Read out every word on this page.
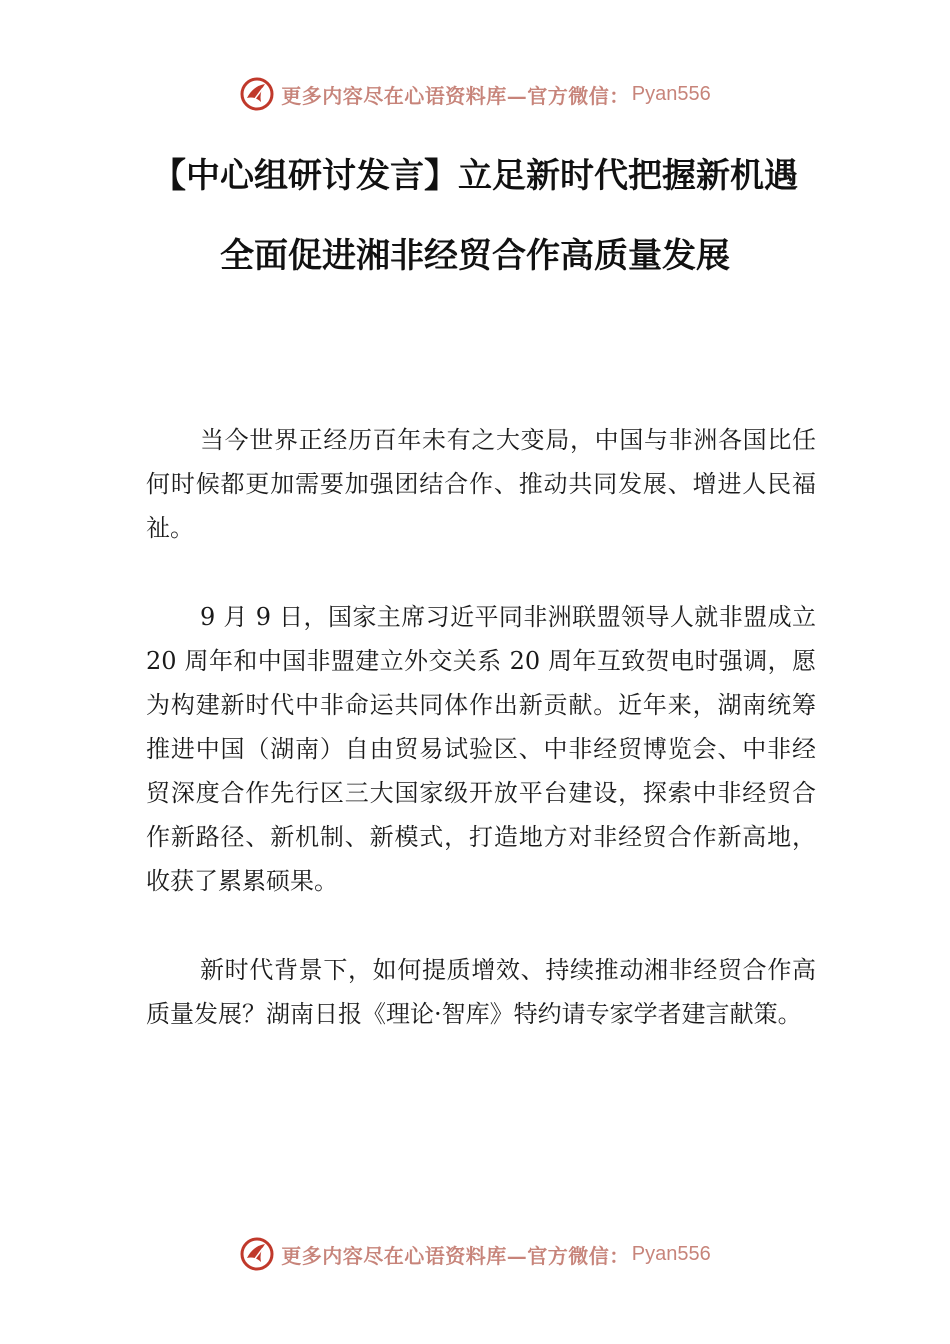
更多内容尽在心语资料库—官方微信： Pyan556
【中心组研讨发言】立足新时代把握新机遇
全面促进湘非经贸合作高质量发展

当今世界正经历百年未有之大变局，中国与非洲各国比任何时候都更加需要加强团结合作、推动共同发展、增进人民福祉。

9 月 9 日，国家主席习近平同非洲联盟领导人就非盟成立 20 周年和中国非盟建立外交关系 20 周年互致贺电时强调，愿为构建新时代中非命运共同体作出新贡献。近年来，湖南统筹推进中国（湖南）自由贸易试验区、中非经贸博览会、中非经贸深度合作先行区三大国家级开放平台建设，探索中非经贸合作新路径、新机制、新模式，打造地方对非经贸合作新高地，收获了累累硕果。

新时代背景下，如何提质增效、持续推动湘非经贸合作高质量发展？湖南日报《理论·智库》特约请专家学者建言献策。

更多内容尽在心语资料库—官方微信： Pyan556
